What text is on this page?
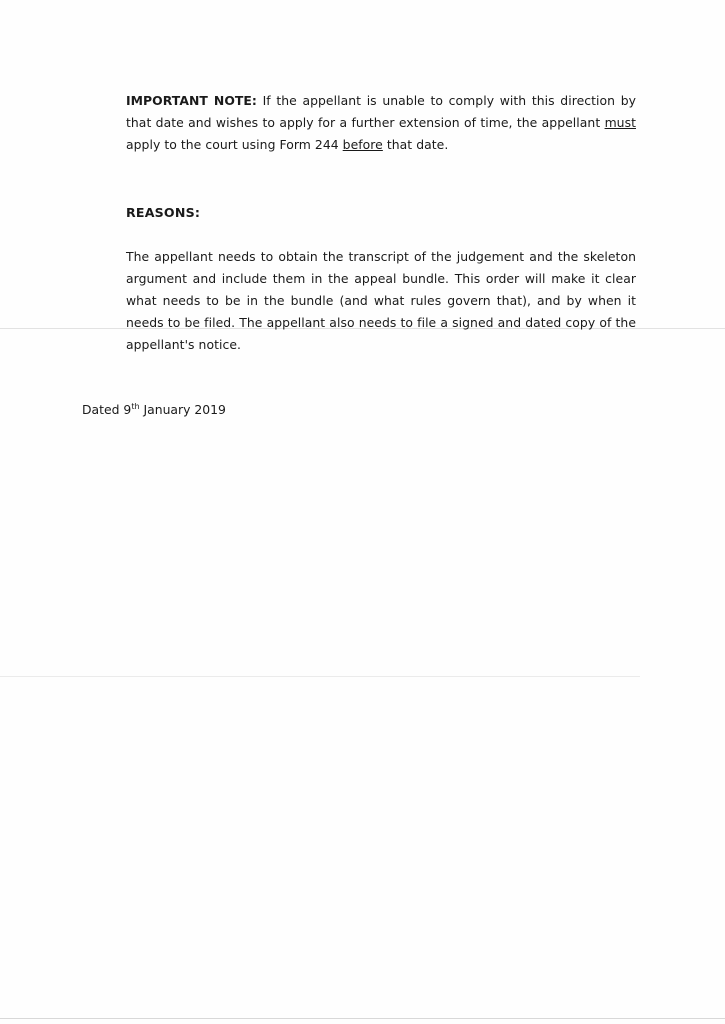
IMPORTANT NOTE: If the appellant is unable to comply with this direction by that date and wishes to apply for a further extension of time, the appellant must apply to the court using Form 244 before that date.

REASONS:

The appellant needs to obtain the transcript of the judgement and the skeleton argument and include them in the appeal bundle. This order will make it clear what needs to be in the bundle (and what rules govern that), and by when it needs to be filed. The appellant also needs to file a signed and dated copy of the appellant's notice.

Dated 9th January 2019
